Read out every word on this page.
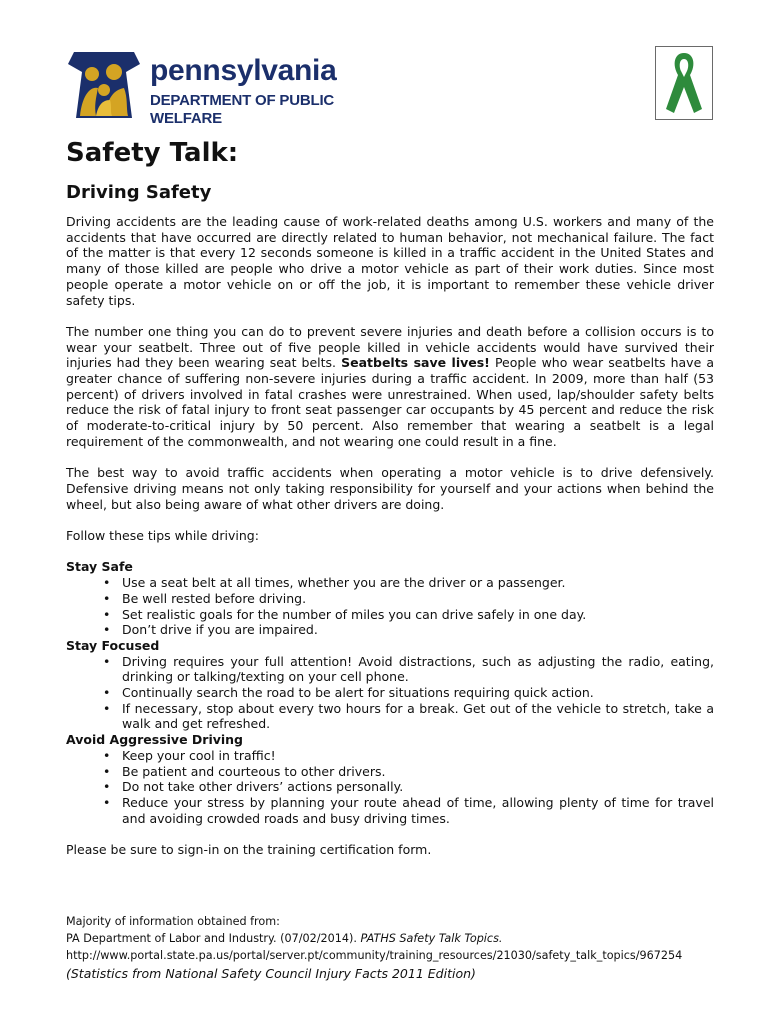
pennsylvania
DEPARTMENT OF PUBLIC WELFARE
Safety Talk:
Driving Safety

Driving accidents are the leading cause of work-related deaths among U.S. workers and many of the accidents that have occurred are directly related to human behavior, not mechanical failure. The fact of the matter is that every 12 seconds someone is killed in a traffic accident in the United States and many of those killed are people who drive a motor vehicle as part of their work duties. Since most people operate a motor vehicle on or off the job, it is important to remember these vehicle driver safety tips.

The number one thing you can do to prevent severe injuries and death before a collision occurs is to wear your seatbelt. Three out of five people killed in vehicle accidents would have survived their injuries had they been wearing seat belts. Seatbelts save lives! People who wear seatbelts have a greater chance of suffering non-severe injuries during a traffic accident. In 2009, more than half (53 percent) of drivers involved in fatal crashes were unrestrained. When used, lap/shoulder safety belts reduce the risk of fatal injury to front seat passenger car occupants by 45 percent and reduce the risk of moderate-to-critical injury by 50 percent. Also remember that wearing a seatbelt is a legal requirement of the commonwealth, and not wearing one could result in a fine.

The best way to avoid traffic accidents when operating a motor vehicle is to drive defensively. Defensive driving means not only taking responsibility for yourself and your actions when behind the wheel, but also being aware of what other drivers are doing.

Follow these tips while driving:

Stay Safe
• Use a seat belt at all times, whether you are the driver or a passenger.
• Be well rested before driving.
• Set realistic goals for the number of miles you can drive safely in one day.
• Don’t drive if you are impaired.
Stay Focused
• Driving requires your full attention! Avoid distractions, such as adjusting the radio, eating, drinking or talking/texting on your cell phone.
• Continually search the road to be alert for situations requiring quick action.
• If necessary, stop about every two hours for a break. Get out of the vehicle to stretch, take a walk and get refreshed.
Avoid Aggressive Driving
• Keep your cool in traffic!
• Be patient and courteous to other drivers.
• Do not take other drivers’ actions personally.
• Reduce your stress by planning your route ahead of time, allowing plenty of time for travel and avoiding crowded roads and busy driving times.

Please be sure to sign-in on the training certification form.

Majority of information obtained from:
PA Department of Labor and Industry. (07/02/2014). PATHS Safety Talk Topics.
http://www.portal.state.pa.us/portal/server.pt/community/training_resources/21030/safety_talk_topics/967254
(Statistics from National Safety Council Injury Facts 2011 Edition)
